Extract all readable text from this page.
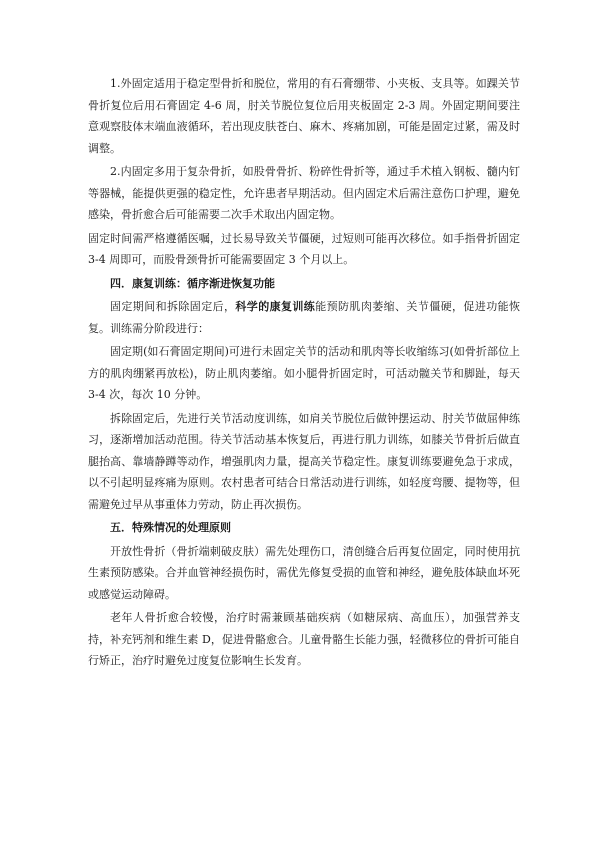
1.外固定适用于稳定型骨折和脱位，常用的有石膏绷带、小夹板、支具等。如踝关节骨折复位后用石膏固定 4-6 周，肘关节脱位复位后用夹板固定 2-3 周。外固定期间要注意观察肢体末端血液循环，若出现皮肤苍白、麻木、疼痛加剧，可能是固定过紧，需及时调整。

2.内固定多用于复杂骨折，如股骨骨折、粉碎性骨折等，通过手术植入钢板、髓内钉等器械，能提供更强的稳定性，允许患者早期活动。但内固定术后需注意伤口护理，避免感染，骨折愈合后可能需要二次手术取出内固定物。

固定时间需严格遵循医嘱，过长易导致关节僵硬，过短则可能再次移位。如手指骨折固定 3-4 周即可，而股骨颈骨折可能需要固定 3 个月以上。

四．康复训练：循序渐进恢复功能

固定期间和拆除固定后，科学的康复训练能预防肌肉萎缩、关节僵硬，促进功能恢复。训练需分阶段进行：

固定期(如石膏固定期间)可进行未固定关节的活动和肌肉等长收缩练习(如骨折部位上方的肌肉绷紧再放松)，防止肌肉萎缩。如小腿骨折固定时，可活动髋关节和脚趾，每天 3-4 次，每次 10 分钟。

拆除固定后，先进行关节活动度训练，如肩关节脱位后做钟摆运动、肘关节做屈伸练习，逐渐增加活动范围。待关节活动基本恢复后，再进行肌力训练，如膝关节骨折后做直腿抬高、靠墙静蹲等动作，增强肌肉力量，提高关节稳定性。康复训练要避免急于求成，以不引起明显疼痛为原则。农村患者可结合日常活动进行训练，如轻度弯腰、提物等，但需避免过早从事重体力劳动，防止再次损伤。

五．特殊情况的处理原则

开放性骨折（骨折端刺破皮肤）需先处理伤口，清创缝合后再复位固定，同时使用抗生素预防感染。合并血管神经损伤时，需优先修复受损的血管和神经，避免肢体缺血坏死或感觉运动障碍。

老年人骨折愈合较慢，治疗时需兼顾基础疾病（如糖尿病、高血压），加强营养支持，补充钙剂和维生素 D，促进骨骼愈合。儿童骨骼生长能力强，轻微移位的骨折可能自行矫正，治疗时避免过度复位影响生长发育。
